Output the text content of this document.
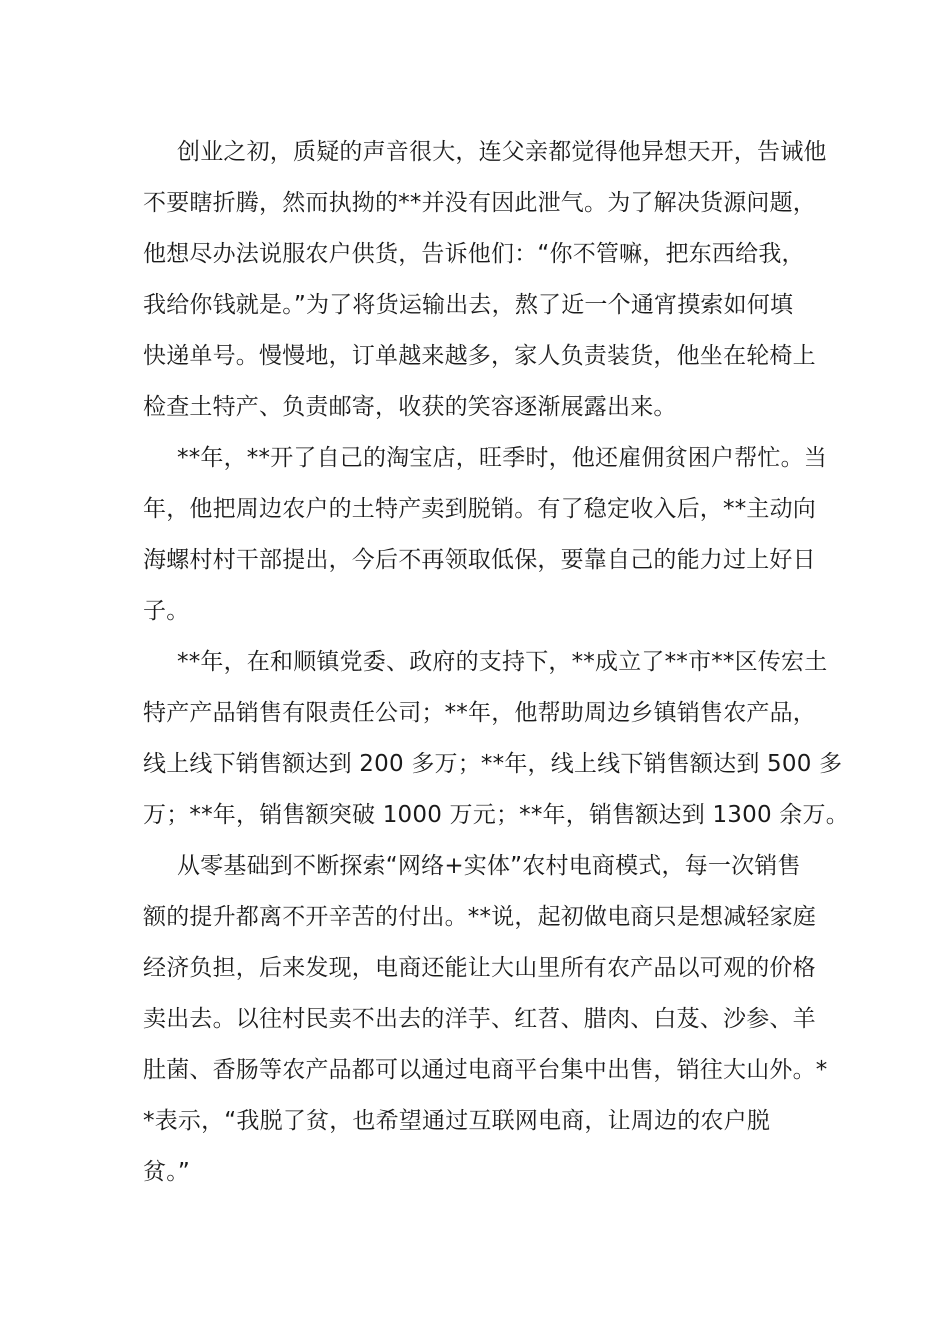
创业之初，质疑的声音很大，连父亲都觉得他异想天开，告诫他
不要瞎折腾，然而执拗的**并没有因此泄气。为了解决货源问题，
他想尽办法说服农户供货，告诉他们：“你不管嘛，把东西给我，
我给你钱就是。”为了将货运输出去，熬了近一个通宵摸索如何填
快递单号。慢慢地，订单越来越多，家人负责装货，他坐在轮椅上
检查土特产、负责邮寄，收获的笑容逐渐展露出来。

**年，**开了自己的淘宝店，旺季时，他还雇佣贫困户帮忙。当
年，他把周边农户的土特产卖到脱销。有了稳定收入后，**主动向
海螺村村干部提出，今后不再领取低保，要靠自己的能力过上好日
子。

**年，在和顺镇党委、政府的支持下，**成立了**市**区传宏土
特产产品销售有限责任公司；**年，他帮助周边乡镇销售农产品，
线上线下销售额达到 200 多万；**年，线上线下销售额达到 500 多
万；**年，销售额突破 1000 万元；**年，销售额达到 1300 余万。

从零基础到不断探索“网络+实体”农村电商模式，每一次销售
额的提升都离不开辛苦的付出。**说，起初做电商只是想减轻家庭
经济负担，后来发现，电商还能让大山里所有农产品以可观的价格
卖出去。以往村民卖不出去的洋芋、红苕、腊肉、白芨、沙参、羊
肚菌、香肠等农产品都可以通过电商平台集中出售，销往大山外。*
*表示，“我脱了贫，也希望通过互联网电商，让周边的农户脱
贫。”
